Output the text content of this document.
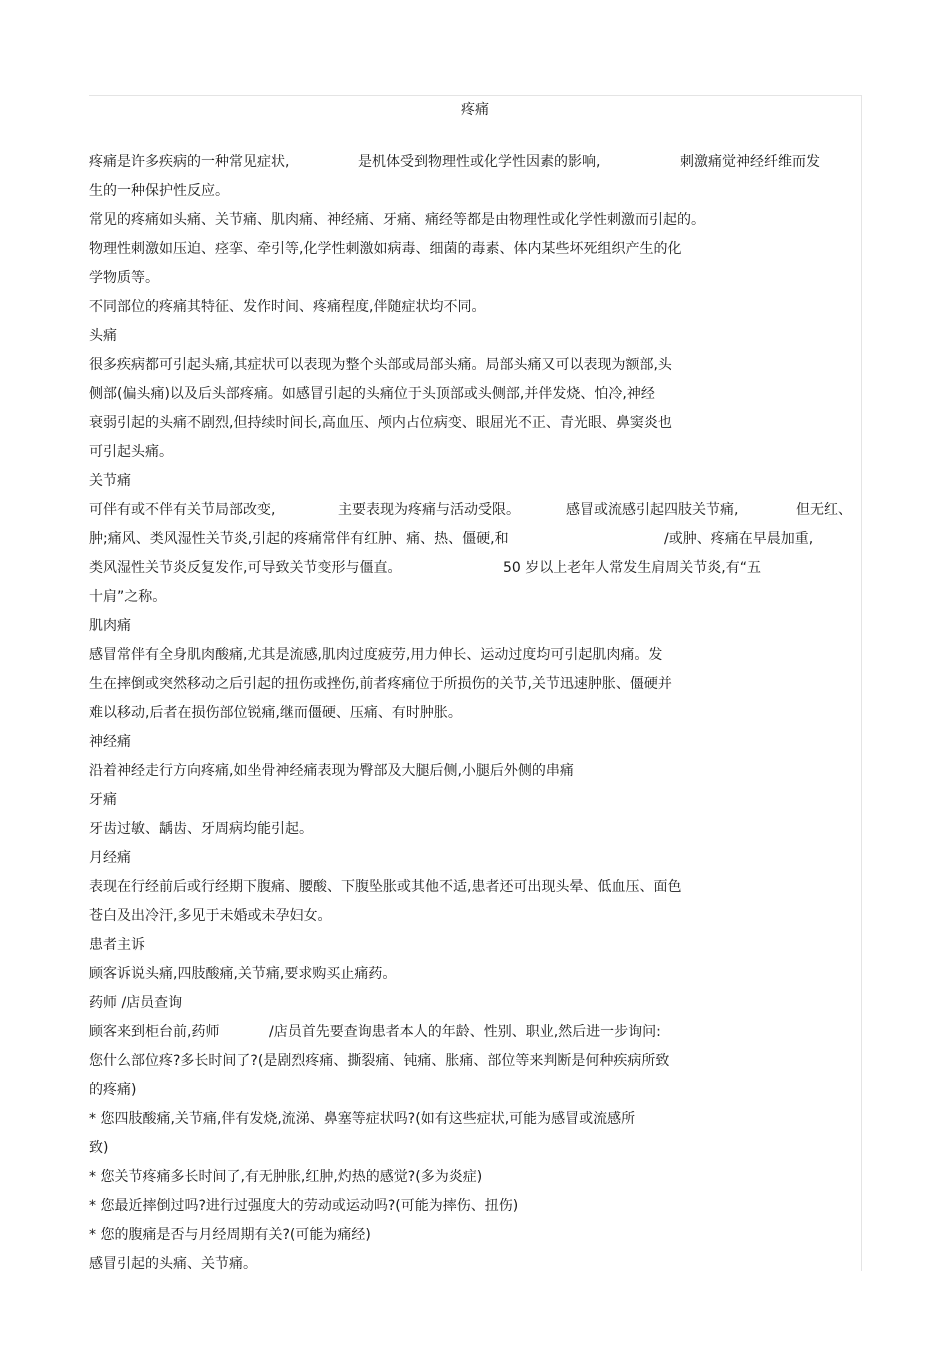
疼痛
疼痛是许多疾病的一种常见症状,	是机体受到物理性或化学性因素的影响,	刺激痛觉神经纤维而发
生的一种保护性反应。
常见的疼痛如头痛、关节痛、肌肉痛、神经痛、牙痛、痛经等都是由物理性或化学性刺激而引起的。
物理性刺激如压迫、痉挛、牵引等,化学性刺激如病毒、细菌的毒素、体内某些坏死组织产生的化
学物质等。
不同部位的疼痛其特征、发作时间、疼痛程度,伴随症状均不同。
头痛
很多疾病都可引起头痛,其症状可以表现为整个头部或局部头痛。局部头痛又可以表现为额部,头
侧部(偏头痛)以及后头部疼痛。如感冒引起的头痛位于头顶部或头侧部,并伴发烧、怕冷,神经
衰弱引起的头痛不剧烈,但持续时间长,高血压、颅内占位病变、眼屈光不正、青光眼、鼻窦炎也
可引起头痛。
关节痛
可伴有或不伴有关节局部改变,	主要表现为疼痛与活动受限。	感冒或流感引起四肢关节痛,	但无红、
肿;痛风、类风湿性关节炎,引起的疼痛常伴有红肿、痛、热、僵硬,和	/或肿、疼痛在早晨加重,
类风湿性关节炎反复发作,可导致关节变形与僵直。	50 岁以上老年人常发生肩周关节炎,有“五
十肩”之称。
肌肉痛
感冒常伴有全身肌肉酸痛,尤其是流感,肌肉过度疲劳,用力伸长、运动过度均可引起肌肉痛。发
生在摔倒或突然移动之后引起的扭伤或挫伤,前者疼痛位于所损伤的关节,关节迅速肿胀、僵硬并
难以移动,后者在损伤部位锐痛,继而僵硬、压痛、有时肿胀。
神经痛
沿着神经走行方向疼痛,如坐骨神经痛表现为臀部及大腿后侧,小腿后外侧的串痛
牙痛
牙齿过敏、龋齿、牙周病均能引起。
月经痛
表现在行经前后或行经期下腹痛、腰酸、下腹坠胀或其他不适,患者还可出现头晕、低血压、面色
苍白及出冷汗,多见于未婚或未孕妇女。
患者主诉
顾客诉说头痛,四肢酸痛,关节痛,要求购买止痛药。
药师 /店员查询
顾客来到柜台前,药师	/店员首先要查询患者本人的年龄、性别、职业,然后进一步询问:
您什么部位疼?多长时间了?(是剧烈疼痛、撕裂痛、钝痛、胀痛、部位等来判断是何种疾病所致
的疼痛)
* 您四肢酸痛,关节痛,伴有发烧,流涕、鼻塞等症状吗?(如有这些症状,可能为感冒或流感所
致)
* 您关节疼痛多长时间了,有无肿胀,红肿,灼热的感觉?(多为炎症)
* 您最近摔倒过吗?进行过强度大的劳动或运动吗?(可能为摔伤、扭伤)
* 您的腹痛是否与月经周期有关?(可能为痛经)
感冒引起的头痛、关节痛。
